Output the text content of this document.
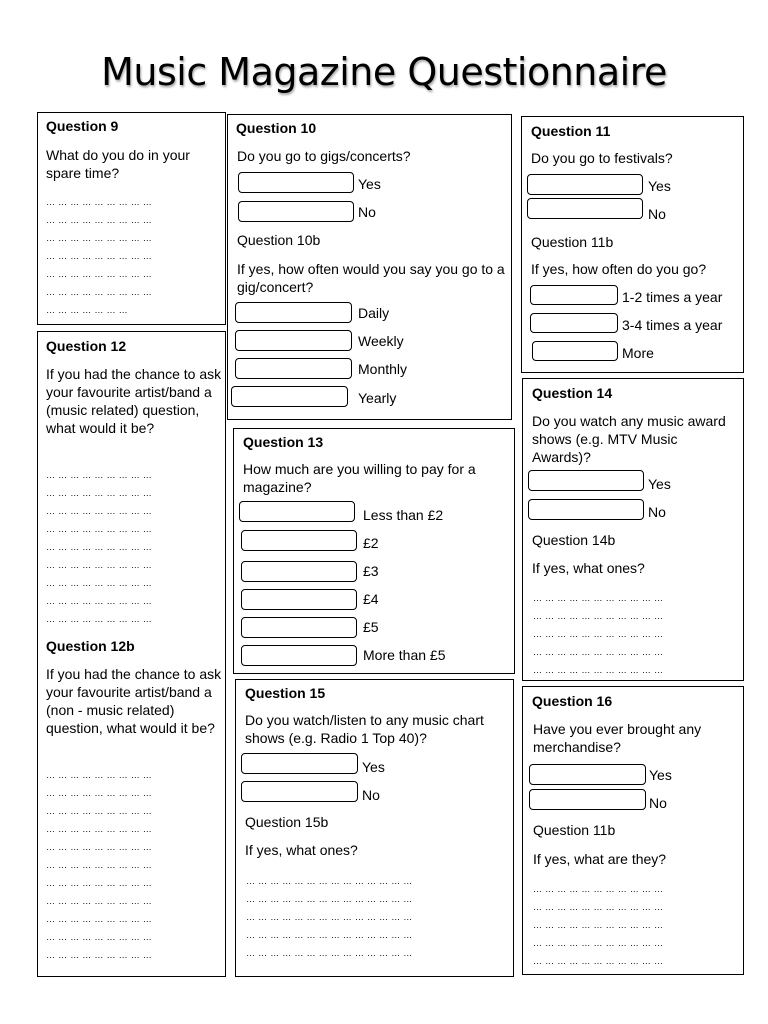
Music Magazine Questionnaire
Question 9
What do you do in your spare time?
… … … … … … … … …
… … … … … … … … …
… … … … … … … … …
… … … … … … … … …
… … … … … … … … …
… … … … … … … … …
… … … … … … …
Question 10
Do you go to gigs/concerts?
Yes
No
Question 10b
If yes, how often would you say you go to a gig/concert?
Daily
Weekly
Monthly
Yearly
Question 11
Do you go to festivals?
Yes
No
Question 11b
If yes, how often do you go?
1-2 times a year
3-4 times a year
More
Question 12
If you had the chance to ask your favourite artist/band a (music related) question, what would it be?
… … … … … … … … …
… … … … … … … … …
… … … … … … … … …
… … … … … … … … …
… … … … … … … … …
… … … … … … … … …
… … … … … … … … …
… … … … … … … … …
… … … … … … … … …
Question 12b
If you had the chance to ask your favourite artist/band a (non - music related) question, what would it be?
… … … … … … … … …
… … … … … … … … …
… … … … … … … … …
… … … … … … … … …
… … … … … … … … …
… … … … … … … … …
… … … … … … … … …
… … … … … … … … …
… … … … … … … … …
… … … … … … … … …
… … … … … … … … …
Question 13
How much are you willing to pay for a magazine?
Less than £2
£2
£3
£4
£5
More than £5
Question 14
Do you watch any music award shows (e.g. MTV Music Awards)?
Yes
No
Question 14b
If yes, what ones?
… … … … … … … … … … …
… … … … … … … … … … …
… … … … … … … … … … …
… … … … … … … … … … …
… … … … … … … … … … …
Question 15
Do you watch/listen to any music chart shows (e.g. Radio 1 Top 40)?
Yes
No
Question 15b
If yes, what ones?
… … … … … … … … … … … … … …
… … … … … … … … … … … … … …
… … … … … … … … … … … … … …
… … … … … … … … … … … … … …
… … … … … … … … … … … … … …
Question 16
Have you ever brought any merchandise?
Yes
No
Question 11b
If yes, what are they?
… … … … … … … … … … …
… … … … … … … … … … …
… … … … … … … … … … …
… … … … … … … … … … …
… … … … … … … … … … …
